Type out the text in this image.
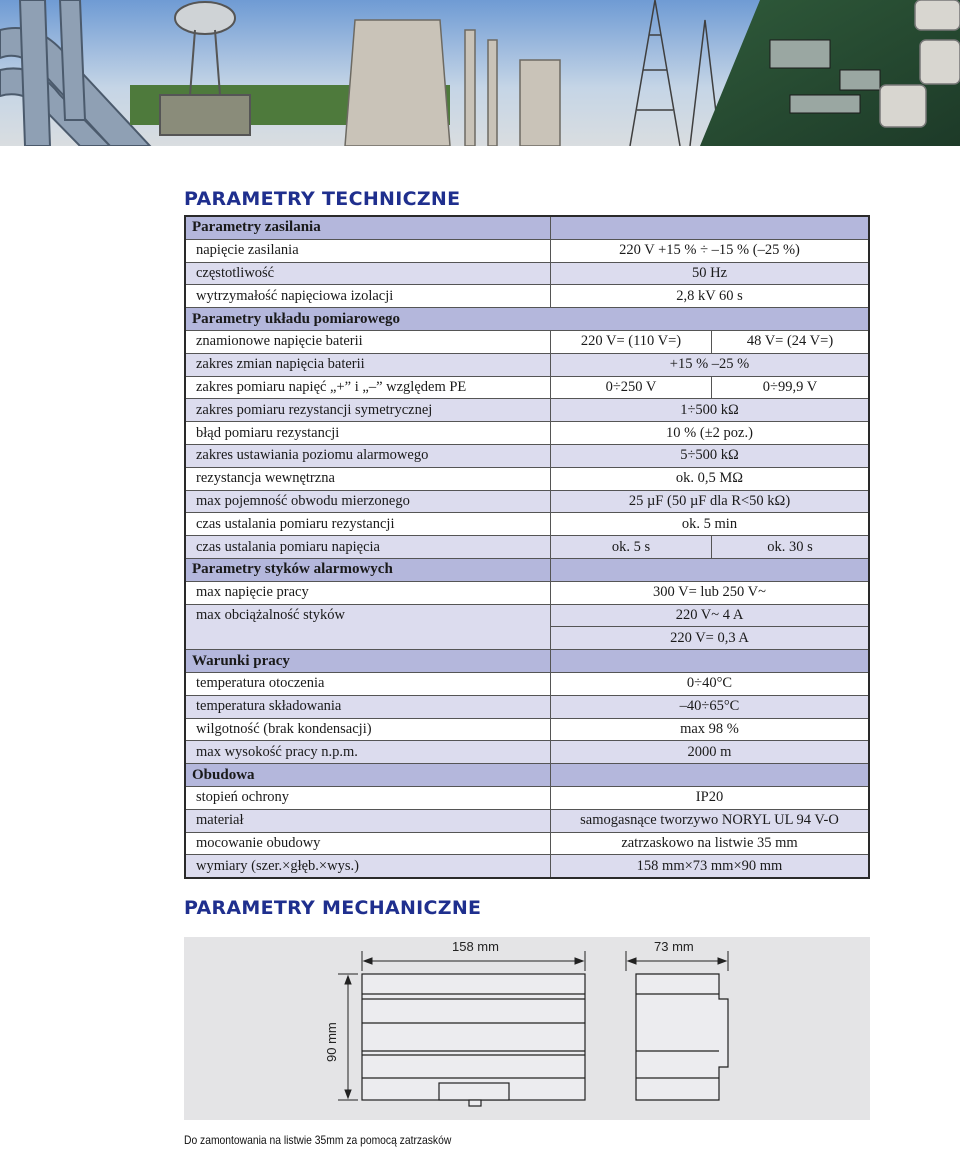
PARAMETRY TECHNICZNE
Parametry zasilania		
napięcie zasilania	220 V +15 % ÷ –15 % (–25 %)	
częstotliwość	50 Hz	
wytrzymałość napięciowa izolacji	2,8 kV 60 s	
Parametry układu pomiarowego		
znamionowe napięcie baterii	220 V= (110 V=)	48 V= (24 V=)
zakres zmian napięcia baterii	+15 % –25 %	
zakres pomiaru napięć „+” i „–” względem PE	0÷250 V	0÷99,9 V
zakres pomiaru rezystancji symetrycznej	1÷500 kΩ	
błąd pomiaru rezystancji	10 % (±2 poz.)	
zakres ustawiania poziomu alarmowego	5÷500 kΩ	
rezystancja wewnętrzna	ok. 0,5 MΩ	
max pojemność obwodu mierzonego	25 µF (50 µF dla R<50 kΩ)	
czas ustalania pomiaru rezystancji	ok. 5 min	
czas ustalania pomiaru napięcia	ok. 5 s	ok. 30 s
Parametry styków alarmowych		
max napięcie pracy	300 V= lub 250 V~	
max obciążalność styków	220 V~ 4 A	
	220 V= 0,3 A	
Warunki pracy		
temperatura otoczenia	0÷40°C	
temperatura składowania	–40÷65°C	
wilgotność (brak kondensacji)	max 98 %	
max wysokość pracy n.p.m.	2000 m	
Obudowa		
stopień ochrony	IP20	
materiał	samogasnące tworzywo NORYL UL 94 V-O	
mocowanie obudowy	zatrzaskowo na listwie 35 mm	
wymiary (szer.×głęb.×wys.)	158 mm×73 mm×90 mm	
PARAMETRY MECHANICZNE
158 mm	73 mm
90 mm
Do zamontowania na listwie 35mm za pomocą zatrzasków
